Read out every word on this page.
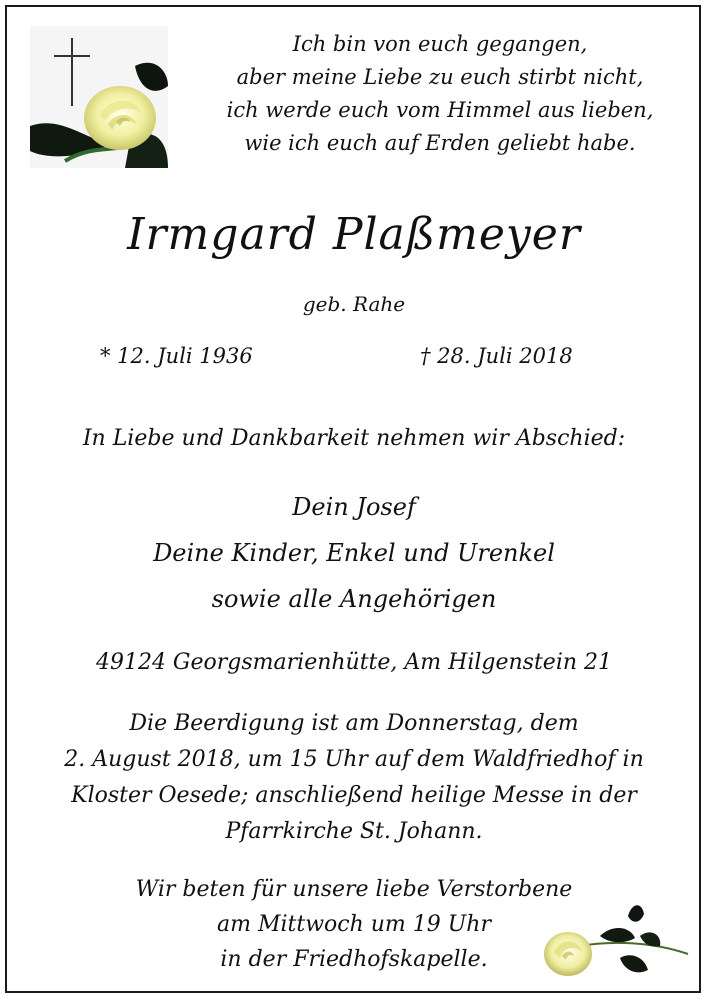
Ich bin von euch gegangen,
aber meine Liebe zu euch stirbt nicht,
ich werde euch vom Himmel aus lieben,
wie ich euch auf Erden geliebt habe.
Irmgard Plaßmeyer
geb. Rahe
* 12. Juli 1936	† 28. Juli 2018
In Liebe und Dankbarkeit nehmen wir Abschied:
Dein Josef
Deine Kinder, Enkel und Urenkel
sowie alle Angehörigen
49124 Georgsmarienhütte, Am Hilgenstein 21
Die Beerdigung ist am Donnerstag, dem
2. August 2018, um 15 Uhr auf dem Waldfriedhof in
Kloster Oesede; anschließend heilige Messe in der
Pfarrkirche St. Johann.
Wir beten für unsere liebe Verstorbene
am Mittwoch um 19 Uhr
in der Friedhofskapelle.
